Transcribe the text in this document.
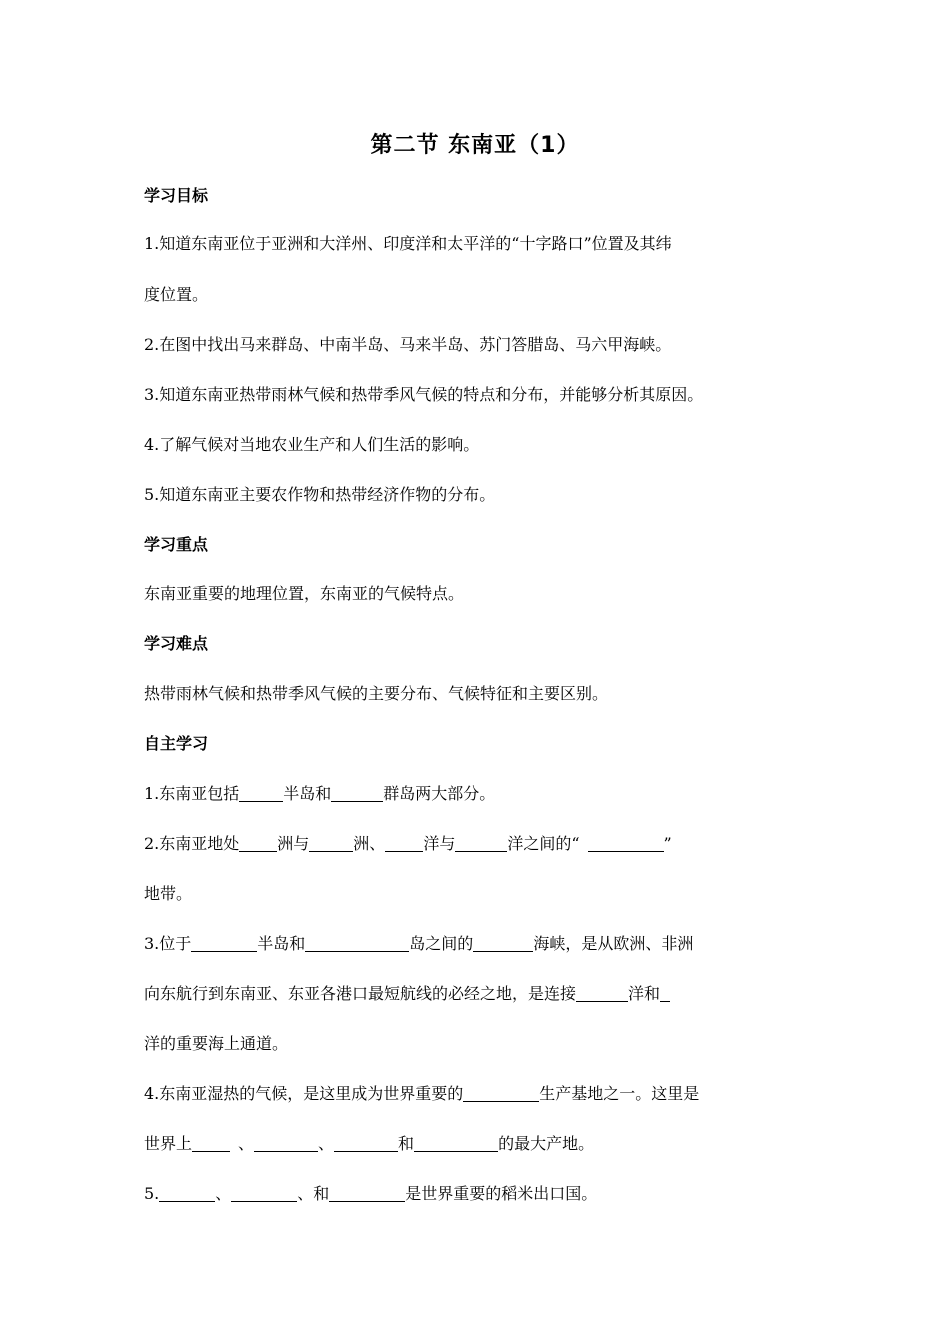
第二节 东南亚（1）
学习目标
1.知道东南亚位于亚洲和大洋州、印度洋和太平洋的“十字路口”位置及其纬
度位置。
2.在图中找出马来群岛、中南半岛、马来半岛、苏门答腊岛、马六甲海峡。
3.知道东南亚热带雨林气候和热带季风气候的特点和分布，并能够分析其原因。
4.了解气候对当地农业生产和人们生活的影响。
5.知道东南亚主要农作物和热带经济作物的分布。
学习重点
东南亚重要的地理位置，东南亚的气候特点。
学习难点
热带雨林气候和热带季风气候的主要分布、气候特征和主要区别。
自主学习
1.东南亚包括	半岛和	群岛两大部分。
2.东南亚地处 洲与	洲、 洋与	洋之间的“	”
地带。
3.位于	半岛和	岛之间的	海峡，是从欧洲、非洲
向东航行到东南亚、东亚各港口最短航线的必经之地，是连接	洋和
洋的重要海上通道。
4.东南亚湿热的气候，是这里成为世界重要的	生产基地之一。这里是
世界上	、	、	和	的最大产地。
5.	、	、和	是世界重要的稻米出口国。
